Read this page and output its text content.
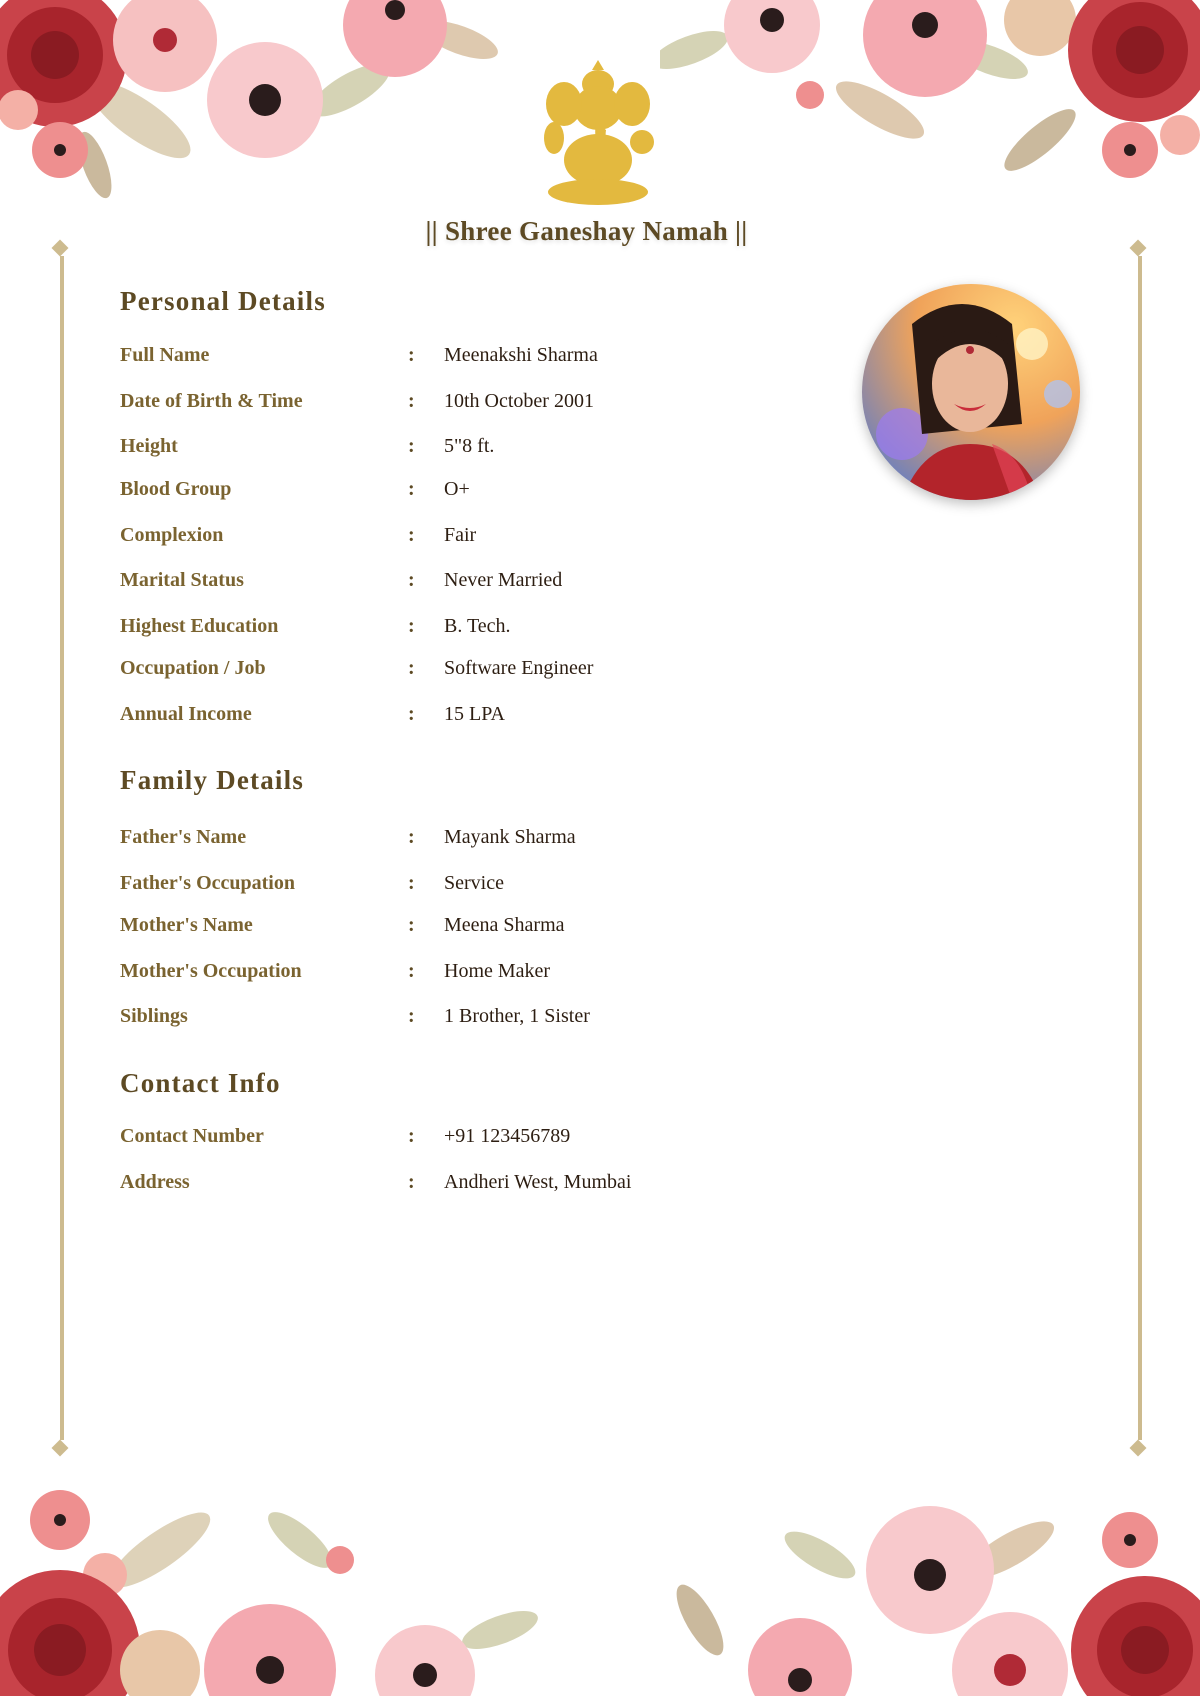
|| Shree Ganeshay Namah ||
Personal Details
Full Name	: Meenakshi Sharma
Date of Birth & Time	: 10th October 2001
Height	: 5"8 ft.
Blood Group	: O+
Complexion	: Fair
Marital Status	: Never Married
Highest Education	: B. Tech.
Occupation / Job	: Software Engineer
Annual Income	: 15 LPA
Family Details
Father's Name	: Mayank Sharma
Father's Occupation	: Service
Mother's Name	: Meena Sharma
Mother's Occupation	: Home Maker
Siblings	: 1 Brother, 1 Sister
Contact Info
Contact Number	: +91 123456789
Address	: Andheri West, Mumbai
